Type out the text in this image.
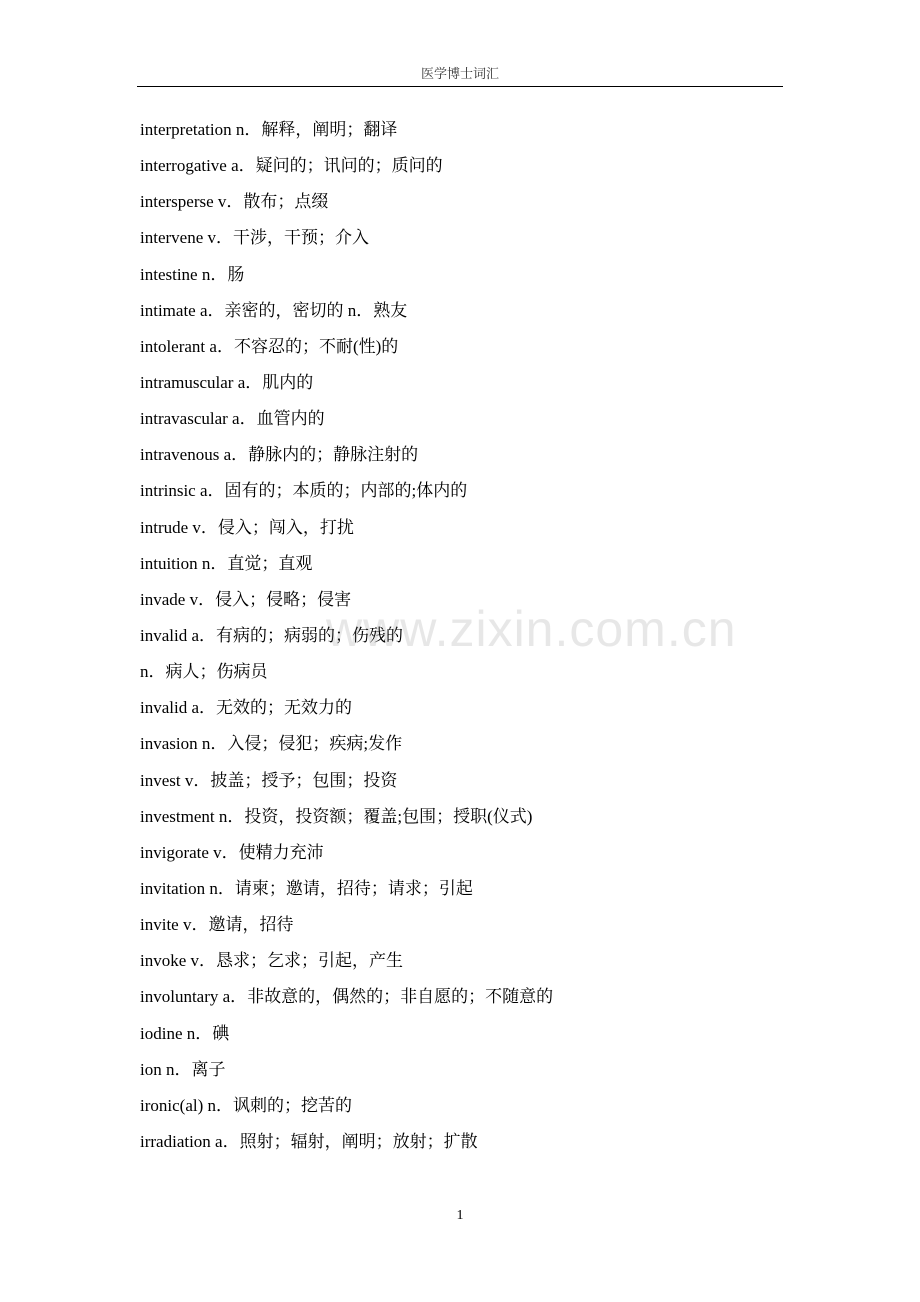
医学博士词汇
interpretation n．解释，阐明；翻译
interrogative a．疑问的；讯问的；质问的
intersperse v．散布；点缀
intervene v．干涉，干预；介入
intestine n．肠
intimate a．亲密的，密切的 n．熟友
intolerant a．不容忍的；不耐(性)的
intramuscular a．肌内的
intravascular a．血管内的
intravenous a．静脉内的；静脉注射的
intrinsic a．固有的；本质的；内部的;体内的
intrude v．侵入；闯入，打扰
intuition n．直觉；直观
invade v．侵入；侵略；侵害
invalid a．有病的；病弱的；伤残的
n．病人；伤病员
invalid a．无效的；无效力的
invasion n．入侵；侵犯；疾病;发作
invest v．披盖；授予；包围；投资
investment n．投资，投资额；覆盖;包围；授职(仪式)
invigorate v．使精力充沛
invitation n．请柬；邀请，招待；请求；引起
invite v．邀请，招待
invoke v．恳求；乞求；引起，产生
involuntary a．非故意的，偶然的；非自愿的；不随意的
iodine n．碘
ion n．离子
ironic(al) n．讽刺的；挖苦的
irradiation a．照射；辐射，阐明；放射；扩散
www.zixin.com.cn
1
